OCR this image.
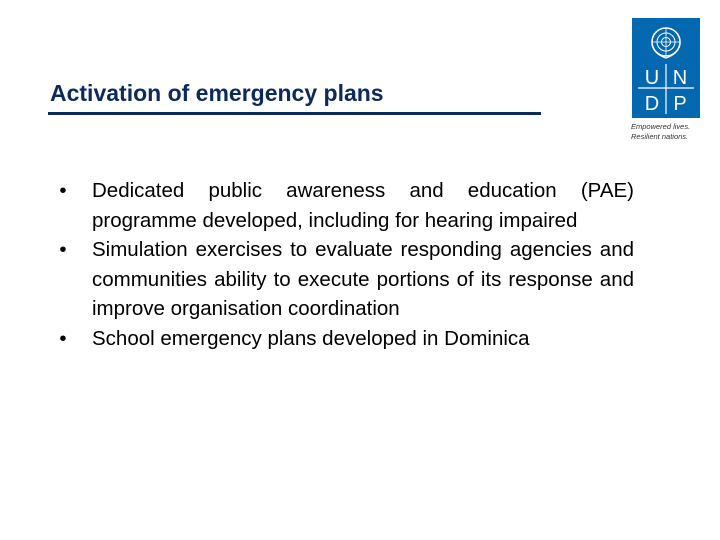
Activation of emergency plans
U N
D P
Empowered lives.
Resilient nations.
• Dedicated public awareness and education (PAE) programme developed, including for hearing impaired
• Simulation exercises to evaluate responding agencies and communities ability to execute portions of its response and improve organisation coordination
• School emergency plans developed in Dominica
